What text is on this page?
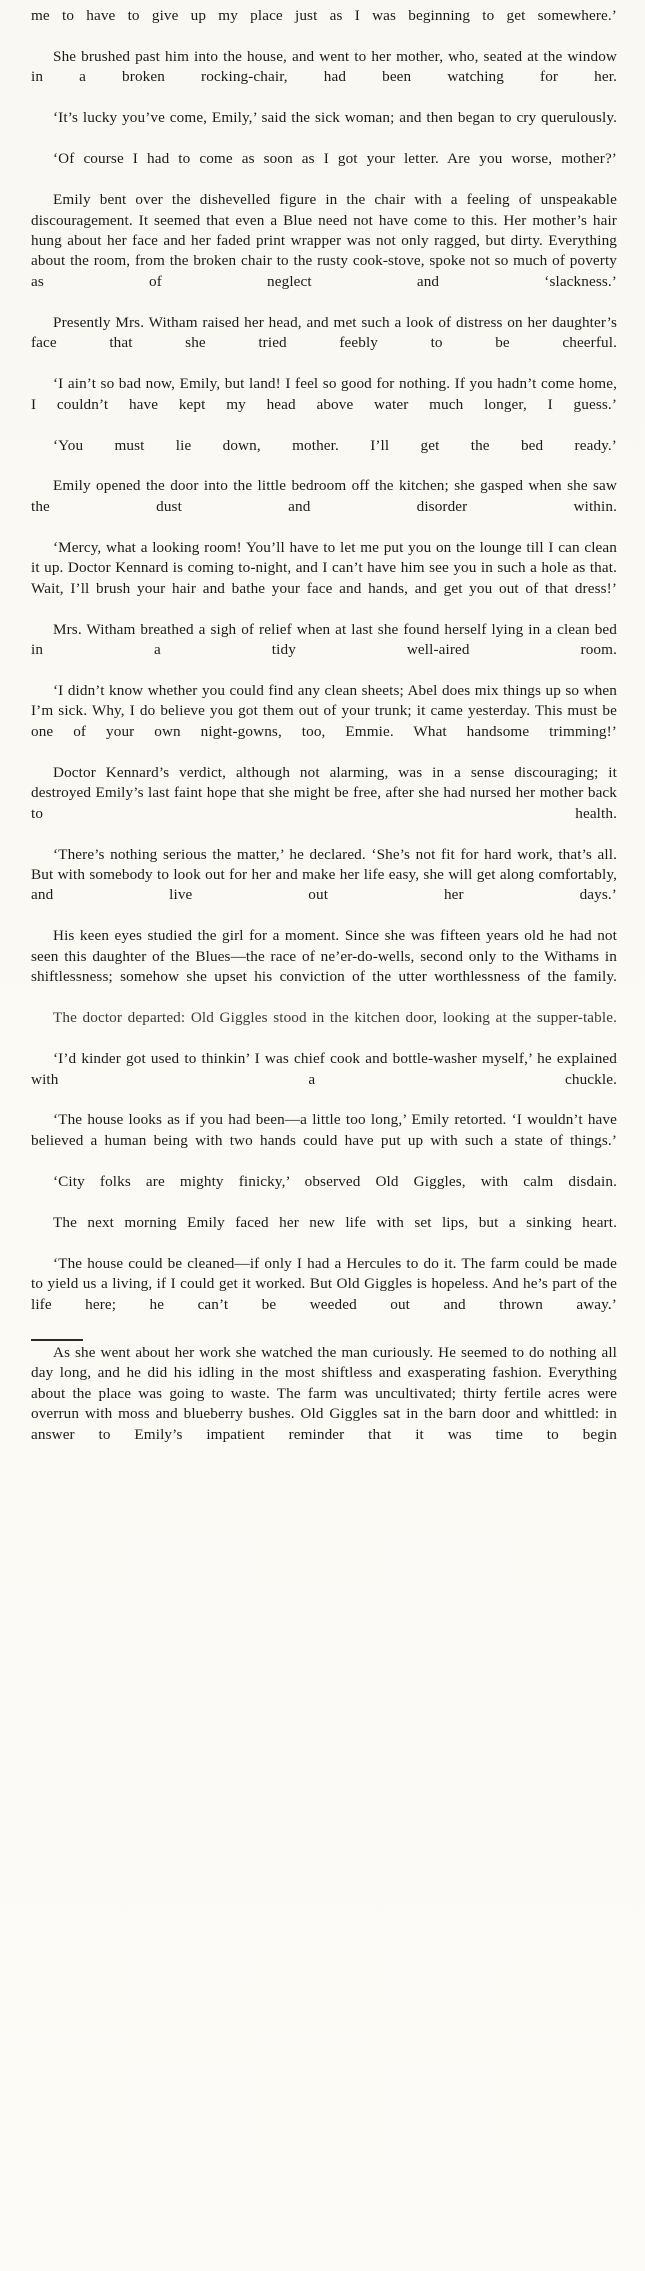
me to have to give up my place just as I was beginning to get somewhere.’

She brushed past him into the house, and went to her mother, who, seated at the window in a broken rocking-chair, had been watching for her.

‘It’s lucky you’ve come, Emily,’ said the sick woman; and then began to cry querulously.

‘Of course I had to come as soon as I got your letter. Are you worse, mother?’

Emily bent over the dishevelled figure in the chair with a feeling of unspeakable discouragement. It seemed that even a Blue need not have come to this. Her mother’s hair hung about her face and her faded print wrapper was not only ragged, but dirty. Everything about the room, from the broken chair to the rusty cook-stove, spoke not so much of poverty as of neglect and ‘slackness.’

Presently Mrs. Witham raised her head, and met such a look of distress on her daughter’s face that she tried feebly to be cheerful.

‘I ain’t so bad now, Emily, but land! I feel so good for nothing. If you hadn’t come home, I couldn’t have kept my head above water much longer, I guess.’

‘You must lie down, mother. I’ll get the bed ready.’

Emily opened the door into the little bedroom off the kitchen; she gasped when she saw the dust and disorder within.

‘Mercy, what a looking room! You’ll have to let me put you on the lounge till I can clean it up. Doctor Kennard is coming to-night, and I can’t have him see you in such a hole as that. Wait, I’ll brush your hair and bathe your face and hands, and get you out of that dress!’

Mrs. Witham breathed a sigh of relief when at last she found herself lying in a clean bed in a tidy well-aired room.

‘I didn’t know whether you could find any clean sheets; Abel does mix things up so when I’m sick. Why, I do believe you got them out of your trunk; it came yesterday. This must be one of your own night-gowns, too, Emmie. What handsome trimming!’

Doctor Kennard’s verdict, although not alarming, was in a sense discouraging; it destroyed Emily’s last faint hope that she might be free, after she had nursed her mother back to health.

‘There’s nothing serious the matter,’ he declared. ‘She’s not fit for hard work, that’s all. But with somebody to look out for her and make her life easy, she will get along comfortably, and live out her days.’

His keen eyes studied the girl for a moment. Since she was fifteen years old he had not seen this daughter of the Blues—the race of ne’er-do-wells, second only to the Withams in shiftlessness; somehow she upset his conviction of the utter worthlessness of the family.

The doctor departed: Old Giggles stood in the kitchen door, looking at the supper-table.

‘I’d kinder got used to thinkin’ I was chief cook and bottle-washer myself,’ he explained with a chuckle.

‘The house looks as if you had been—a little too long,’ Emily retorted. ‘I wouldn’t have believed a human being with two hands could have put up with such a state of things.’

‘City folks are mighty finicky,’ observed Old Giggles, with calm disdain.

The next morning Emily faced her new life with set lips, but a sinking heart.

‘The house could be cleaned—if only I had a Hercules to do it. The farm could be made to yield us a living, if I could get it worked. But Old Giggles is hopeless. And he’s part of the life here; he can’t be weeded out and thrown away.’

As she went about her work she watched the man curiously. He seemed to do nothing all day long, and he did his idling in the most shiftless and exasperating fashion. Everything about the place was going to waste. The farm was uncultivated; thirty fertile acres were overrun with moss and blueberry bushes. Old Giggles sat in the barn door and whittled: in answer to Emily’s impatient reminder that it was time to begin
